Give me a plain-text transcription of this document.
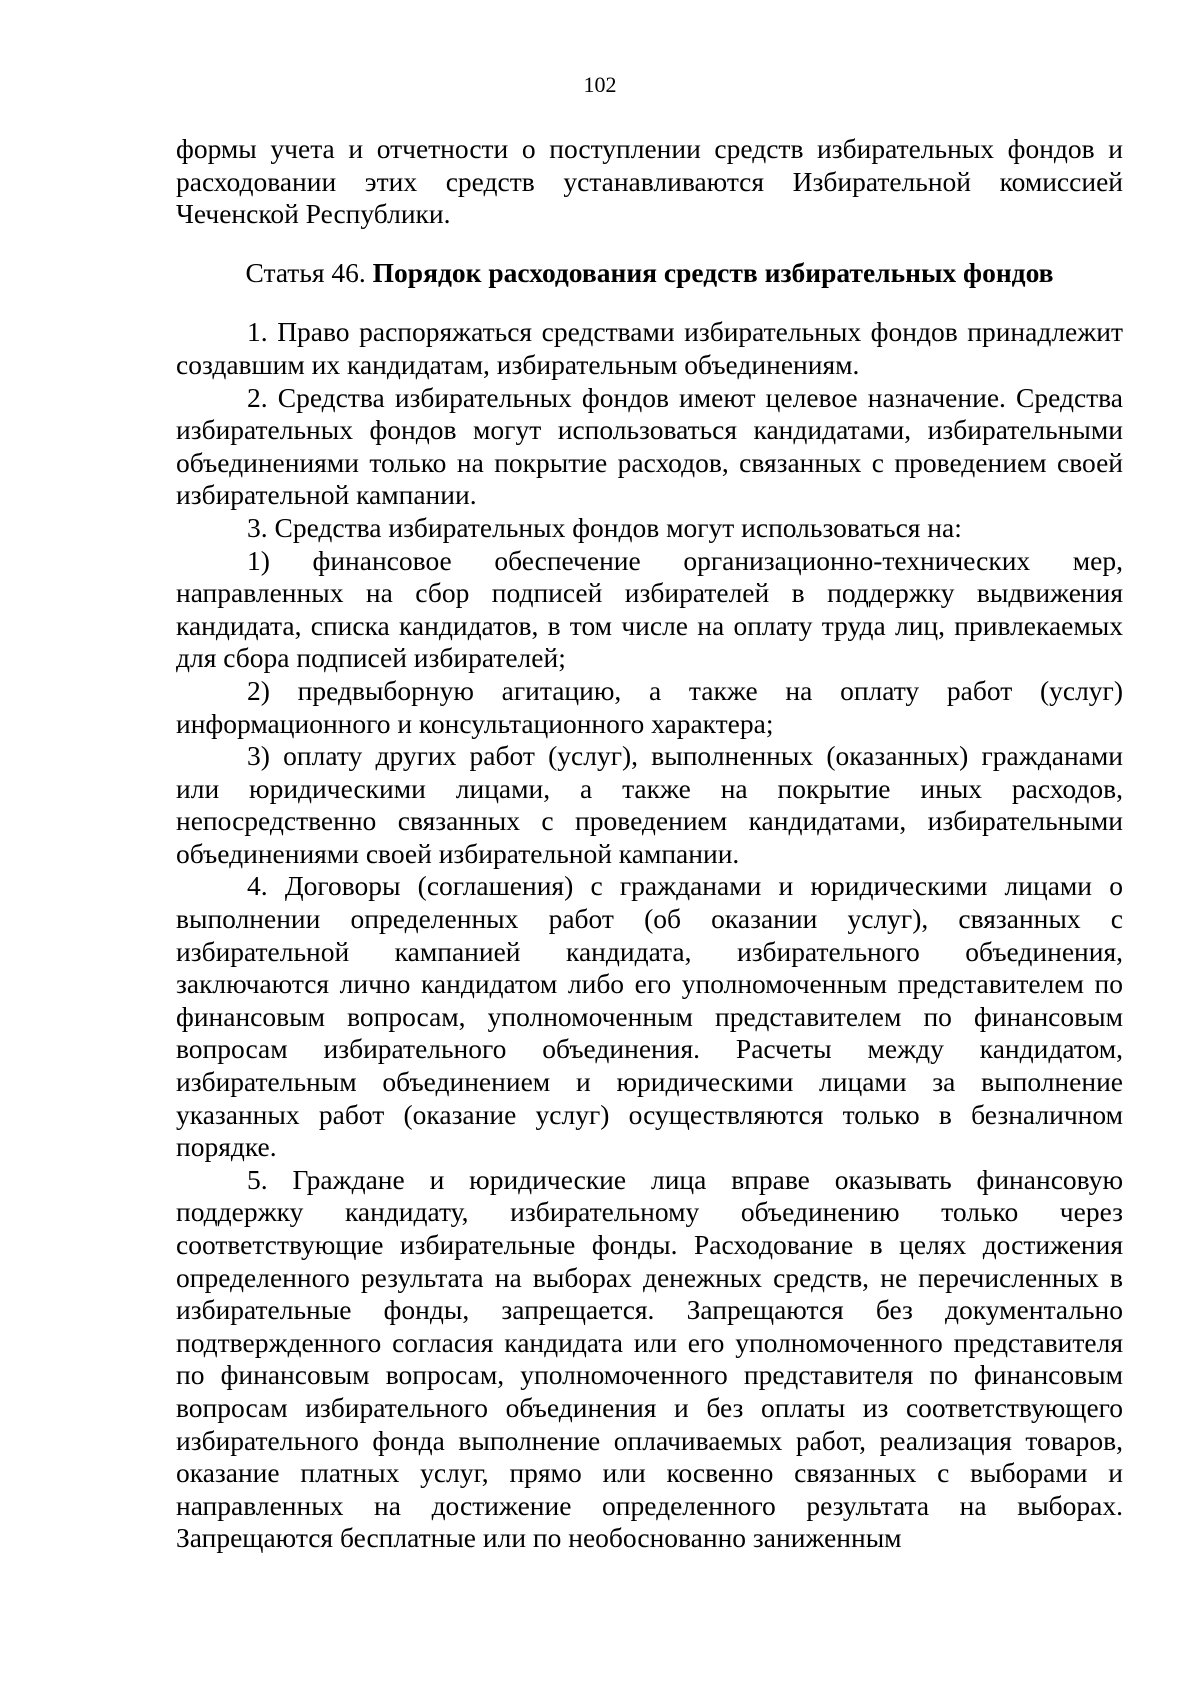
102

формы учета и отчетности о поступлении средств избирательных фондов и расходовании этих средств устанавливаются Избирательной комиссией Чеченской Республики.

Статья 46. Порядок расходования средств избирательных фондов

1. Право распоряжаться средствами избирательных фондов принадлежит создавшим их кандидатам, избирательным объединениям.

2. Средства избирательных фондов имеют целевое назначение. Средства избирательных фондов могут использоваться кандидатами, избирательными объединениями только на покрытие расходов, связанных с проведением своей избирательной кампании.

3. Средства избирательных фондов могут использоваться на:

1) финансовое обеспечение организационно-технических мер, направленных на сбор подписей избирателей в поддержку выдвижения кандидата, списка кандидатов, в том числе на оплату труда лиц, привлекаемых для сбора подписей избирателей;

2) предвыборную агитацию, а также на оплату работ (услуг) информационного и консультационного характера;

3) оплату других работ (услуг), выполненных (оказанных) гражданами или юридическими лицами, а также на покрытие иных расходов, непосредственно связанных с проведением кандидатами, избирательными объединениями своей избирательной кампании.

4. Договоры (соглашения) с гражданами и юридическими лицами о выполнении определенных работ (об оказании услуг), связанных с избирательной кампанией кандидата, избирательного объединения, заключаются лично кандидатом либо его уполномоченным представителем по финансовым вопросам, уполномоченным представителем по финансовым вопросам избирательного объединения. Расчеты между кандидатом, избирательным объединением и юридическими лицами за выполнение указанных работ (оказание услуг) осуществляются только в безналичном порядке.

5. Граждане и юридические лица вправе оказывать финансовую поддержку кандидату, избирательному объединению только через соответствующие избирательные фонды. Расходование в целях достижения определенного результата на выборах денежных средств, не перечисленных в избирательные фонды, запрещается. Запрещаются без документально подтвержденного согласия кандидата или его уполномоченного представителя по финансовым вопросам, уполномоченного представителя по финансовым вопросам избирательного объединения и без оплаты из соответствующего избирательного фонда выполнение оплачиваемых работ, реализация товаров, оказание платных услуг, прямо или косвенно связанных с выборами и направленных на достижение определенного результата на выборах. Запрещаются бесплатные или по необоснованно заниженным
